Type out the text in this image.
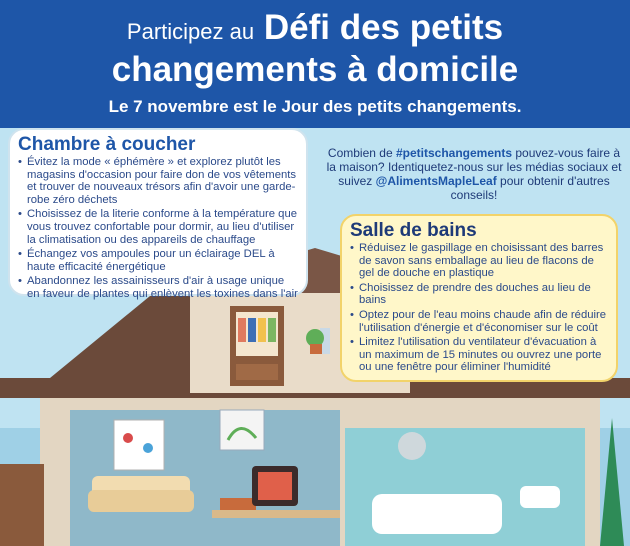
Participez au Défi des petits
changements à domicile
Le 7 novembre est le Jour des petits changements.
Chambre à coucher
• Évitez la mode « éphémère » et explorez plutôt les magasins d'occasion pour faire don de vos vêtements et trouver de nouveaux trésors afin d'avoir une garde-robe zéro déchets
• Choisissez de la literie conforme à la température que vous trouvez confortable pour dormir, au lieu d'utiliser la climatisation ou des appareils de chauffage
• Échangez vos ampoules pour un éclairage DEL à haute efficacité énergétique
• Abandonnez les assainisseurs d'air à usage unique en faveur de plantes qui enlèvent les toxines dans l'air
Combien de #petitschangements pouvez-vous faire à la maison? Identiquetez-nous sur les médias sociaux et suivez @AlimentsMapleLeaf pour obtenir d'autres conseils!
Salle de bains
• Réduisez le gaspillage en choisissant des barres de savon sans emballage au lieu de flacons de gel de douche en plastique
• Choisissez de prendre des douches au lieu de bains
• Optez pour de l'eau moins chaude afin de réduire l'utilisation d'énergie et d'économiser sur le coût
• Limitez l'utilisation du ventilateur d'évacuation à un maximum de 15 minutes ou ouvrez une porte ou une fenêtre pour éliminer l'humidité
